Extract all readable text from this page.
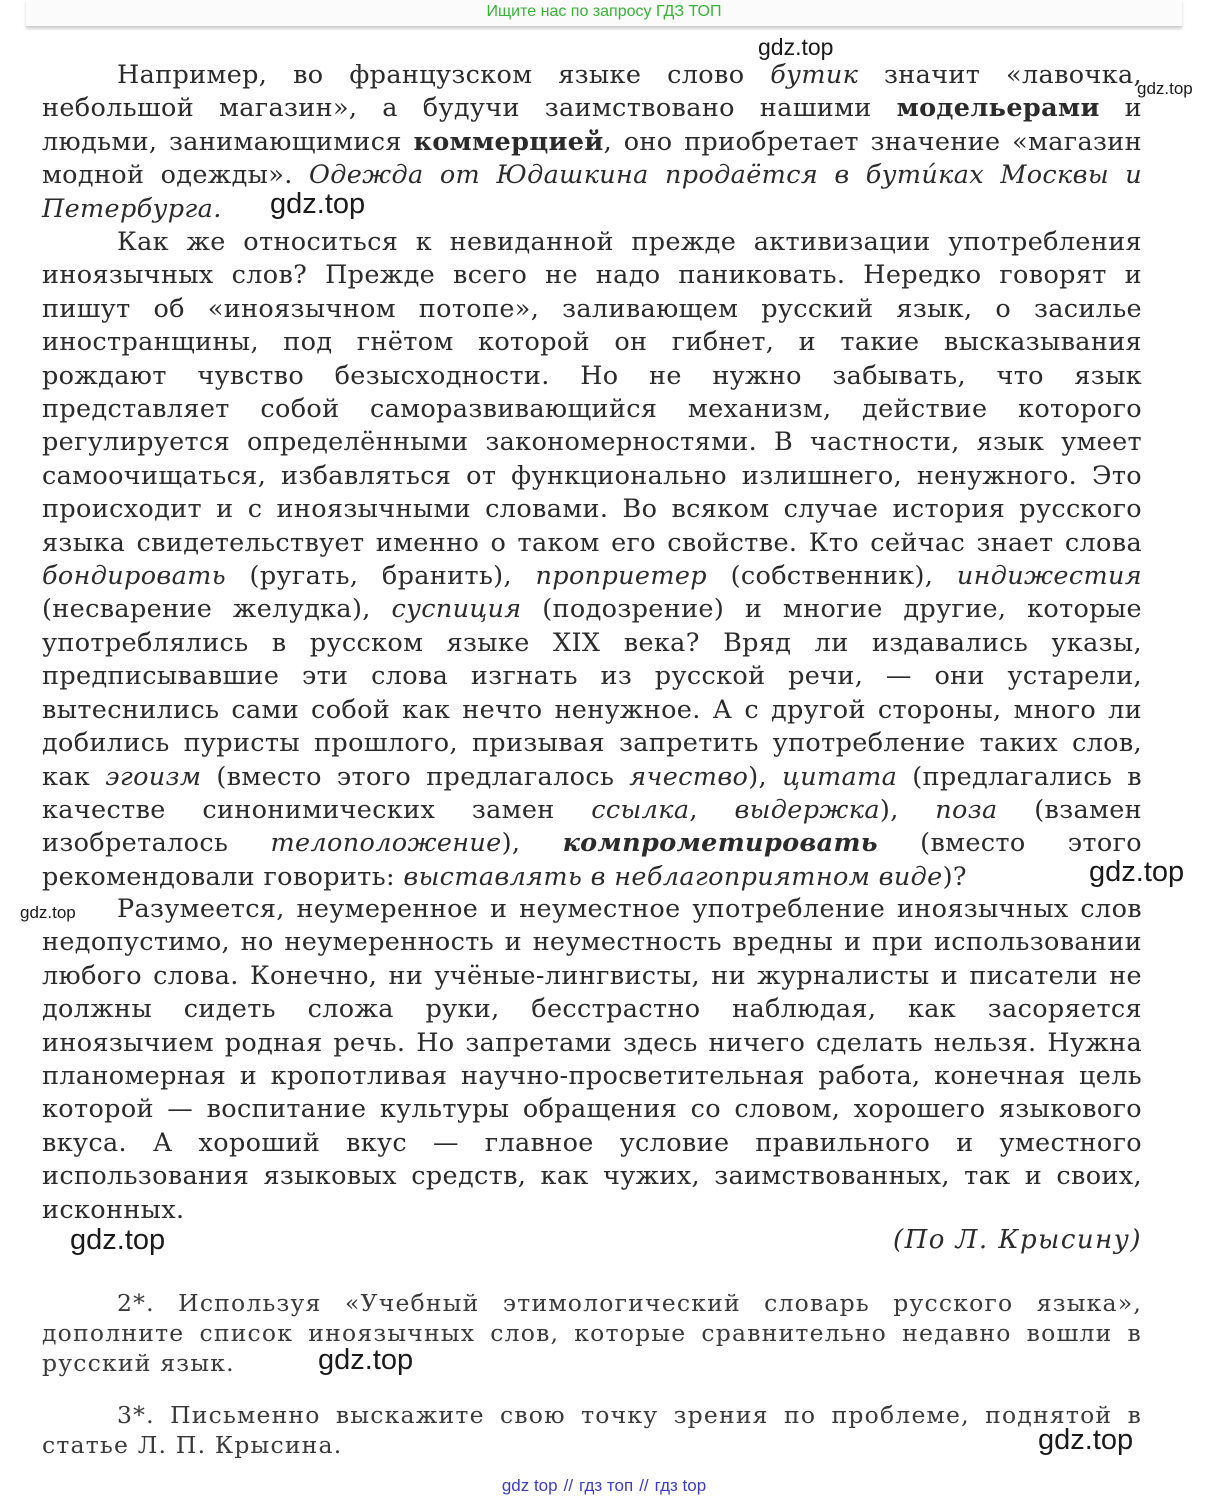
Ищите нас по запросу ГДЗ ТОП
gdz.top
gdz.top
gdz.top
gdz.top
gdz.top
gdz.top
gdz.top
gdz.top

Например, во французском языке слово бутик значит «лавочка, небольшой магазин», а будучи заимствовано нашими модельерами и людьми, занимающимися коммерцией, оно приобретает значение «магазин модной одежды». Одежда от Юдашкина продаётся в бути́ках Москвы и Петербурга.

Как же относиться к невиданной прежде активизации употребления иноязычных слов? Прежде всего не надо паниковать. Нередко говорят и пишут об «иноязычном потопе», заливающем русский язык, о засилье иностранщины, под гнётом которой он гибнет, и такие высказывания рождают чувство безысходности. Но не нужно забывать, что язык представляет собой саморазвивающийся механизм, действие которого регулируется определёнными закономерностями. В частности, язык умеет самоочищаться, избавляться от функционально излишнего, ненужного. Это происходит и с иноязычными словами. Во всяком случае история русского языка свидетельствует именно о таком его свойстве. Кто сейчас знает слова бондировать (ругать, бранить), проприетер (собственник), индижестия (несварение желудка), суспиция (подозрение) и многие другие, которые употреблялись в русском языке XIX века? Вряд ли издавались указы, предписывавшие эти слова изгнать из русской речи, — они устарели, вытеснились сами собой как нечто ненужное. А с другой стороны, много ли добились пуристы прошлого, призывая запретить употребление таких слов, как эгоизм (вместо этого предлагалось ячество), цитата (предлагались в качестве синонимических замен ссылка, выдержка), поза (взамен изобреталось телоположение), компрометировать (вместо этого рекомендовали говорить: выставлять в неблагоприятном виде)?

Разумеется, неумеренное и неуместное употребление иноязычных слов недопустимо, но неумеренность и неуместность вредны и при использовании любого слова. Конечно, ни учёные-лингвисты, ни журналисты и писатели не должны сидеть сложа руки, бесстрастно наблюдая, как засоряется иноязычием родная речь. Но запретами здесь ничего сделать нельзя. Нужна планомерная и кропотливая научно-просветительная работа, конечная цель которой — воспитание культуры обращения со словом, хорошего языкового вкуса. А хороший вкус — главное условие правильного и уместного использования языковых средств, как чужих, заимствованных, так и своих, исконных.

(По Л. Крысину)

2*. Используя «Учебный этимологический словарь русского языка», дополните список иноязычных слов, которые сравнительно недавно вошли в русский язык.

3*. Письменно выскажите свою точку зрения по проблеме, поднятой в статье Л. П. Крысина.

gdz top // гдз топ // гдз top
